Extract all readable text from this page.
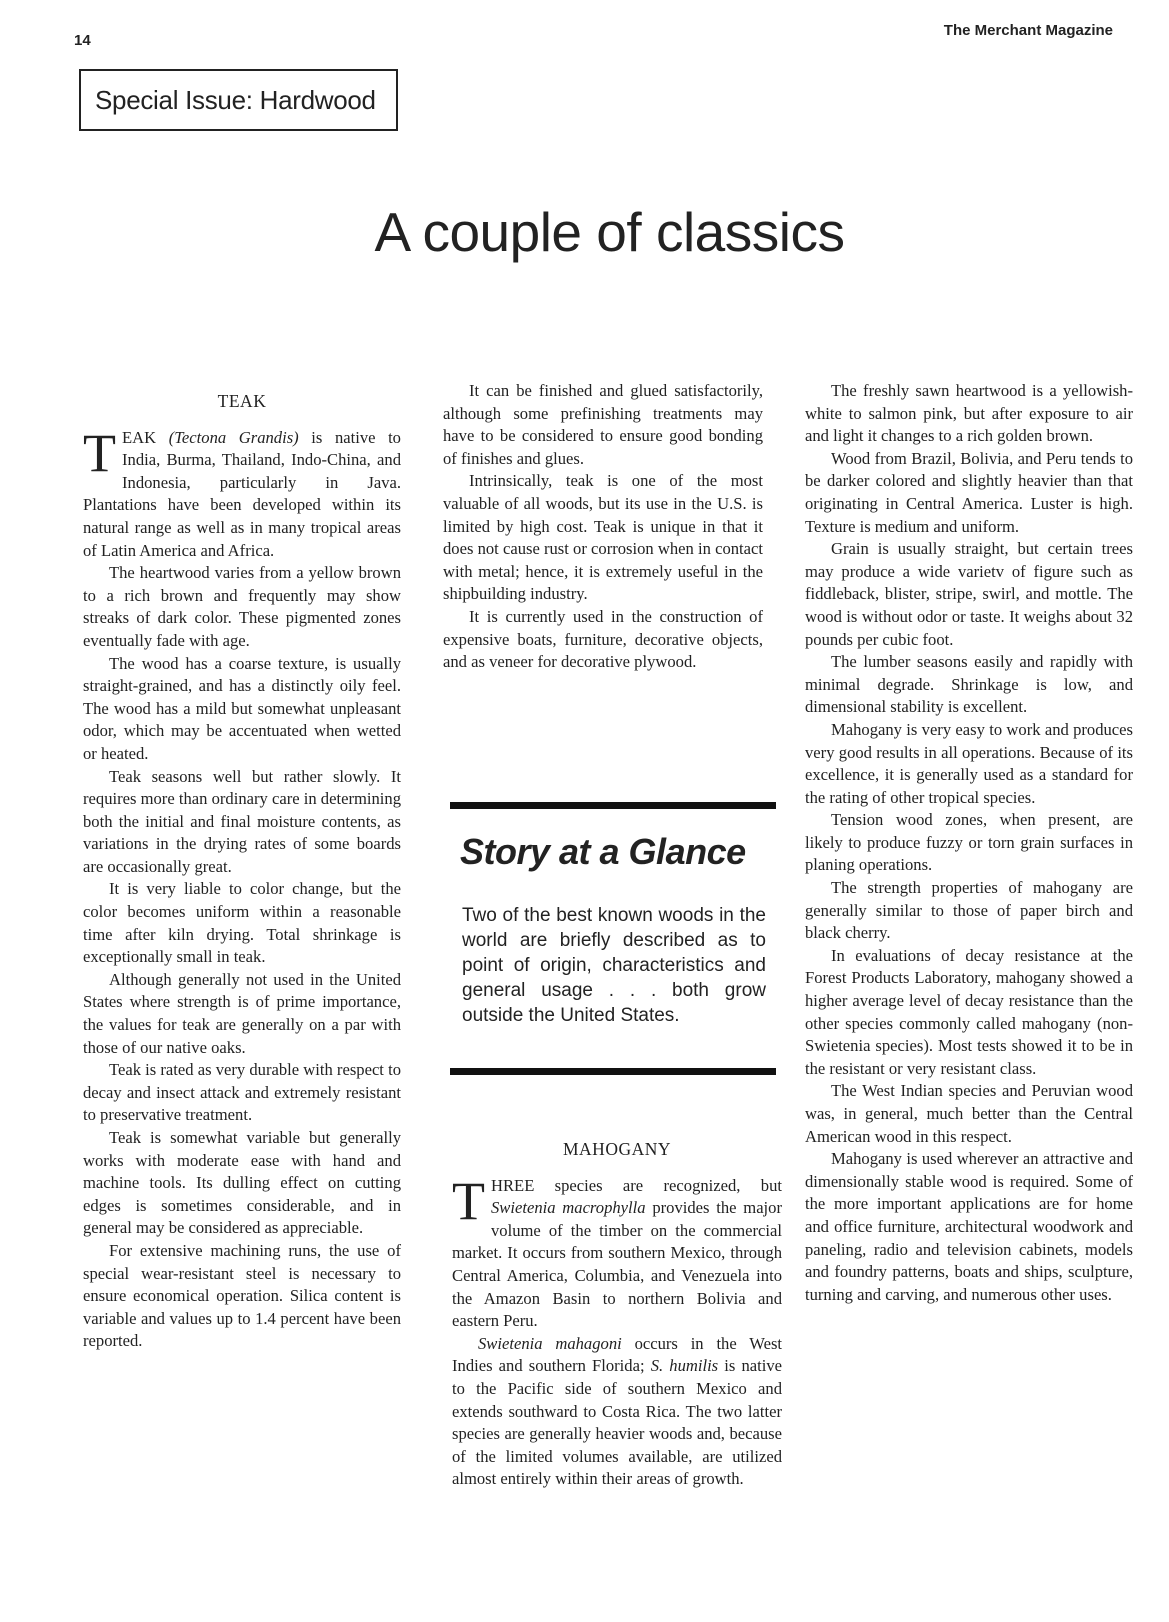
14
The Merchant Magazine
Special Issue: Hardwood
A couple of classics
TEAK

TEAK (Tectona Grandis) is native to India, Burma, Thailand, Indo-China, and Indonesia, particularly in Java. Plantations have been developed within its natural range as well as in many tropical areas of Latin America and Africa.

The heartwood varies from a yellow brown to a rich brown and frequently may show streaks of dark color. These pigmented zones eventually fade with age.

The wood has a coarse texture, is usually straight-grained, and has a distinctly oily feel. The wood has a mild but somewhat unpleasant odor, which may be accentuated when wetted or heated.

Teak seasons well but rather slowly. It requires more than ordinary care in determining both the initial and final moisture contents, as variations in the drying rates of some boards are occasionally great.

It is very liable to color change, but the color becomes uniform within a reasonable time after kiln drying. Total shrinkage is exceptionally small in teak.

Although generally not used in the United States where strength is of prime importance, the values for teak are generally on a par with those of our native oaks.

Teak is rated as very durable with respect to decay and insect attack and extremely resistant to preservative treatment.

Teak is somewhat variable but generally works with moderate ease with hand and machine tools. Its dulling effect on cutting edges is sometimes considerable, and in general may be considered as appreciable.

For extensive machining runs, the use of special wear-resistant steel is necessary to ensure economical operation. Silica content is variable and values up to 1.4 percent have been reported.

It can be finished and glued satisfactorily, although some prefinishing treatments may have to be considered to ensure good bonding of finishes and glues.

Intrinsically, teak is one of the most valuable of all woods, but its use in the U.S. is limited by high cost. Teak is unique in that it does not cause rust or corrosion when in contact with metal; hence, it is extremely useful in the shipbuilding industry.

It is currently used in the construction of expensive boats, furniture, decorative objects, and as veneer for decorative plywood.

Story at a Glance
Two of the best known woods in the world are briefly described as to point of origin, characteristics and general usage . . . both grow outside the United States.
MAHOGANY

THREE species are recognized, but Swietenia macrophylla provides the major volume of the timber on the commercial market. It occurs from southern Mexico, through Central America, Columbia, and Venezuela into the Amazon Basin to northern Bolivia and eastern Peru.

Swietenia mahagoni occurs in the West Indies and southern Florida; S. humilis is native to the Pacific side of southern Mexico and extends southward to Costa Rica. The two latter species are generally heavier woods and, because of the limited volumes available, are utilized almost entirely within their areas of growth.

The freshly sawn heartwood is a yellowish-white to salmon pink, but after exposure to air and light it changes to a rich golden brown.

Wood from Brazil, Bolivia, and Peru tends to be darker colored and slightly heavier than that originating in Central America. Luster is high. Texture is medium and uniform.

Grain is usually straight, but certain trees may produce a wide varietv of figure such as fiddleback, blister, stripe, swirl, and mottle. The wood is without odor or taste. It weighs about 32 pounds per cubic foot.

The lumber seasons easily and rapidly with minimal degrade. Shrinkage is low, and dimensional stability is excellent.

Mahogany is very easy to work and produces very good results in all operations. Because of its excellence, it is generally used as a standard for the rating of other tropical species.

Tension wood zones, when present, are likely to produce fuzzy or torn grain surfaces in planing operations.

The strength properties of mahogany are generally similar to those of paper birch and black cherry.

In evaluations of decay resistance at the Forest Products Laboratory, mahogany showed a higher average level of decay resistance than the other species commonly called mahogany (non-Swietenia species). Most tests showed it to be in the resistant or very resistant class.

The West Indian species and Peruvian wood was, in general, much better than the Central American wood in this respect.

Mahogany is used wherever an attractive and dimensionally stable wood is required. Some of the more important applications are for home and office furniture, architectural woodwork and paneling, radio and television cabinets, models and foundry patterns, boats and ships, sculpture, turning and carving, and numerous other uses.
